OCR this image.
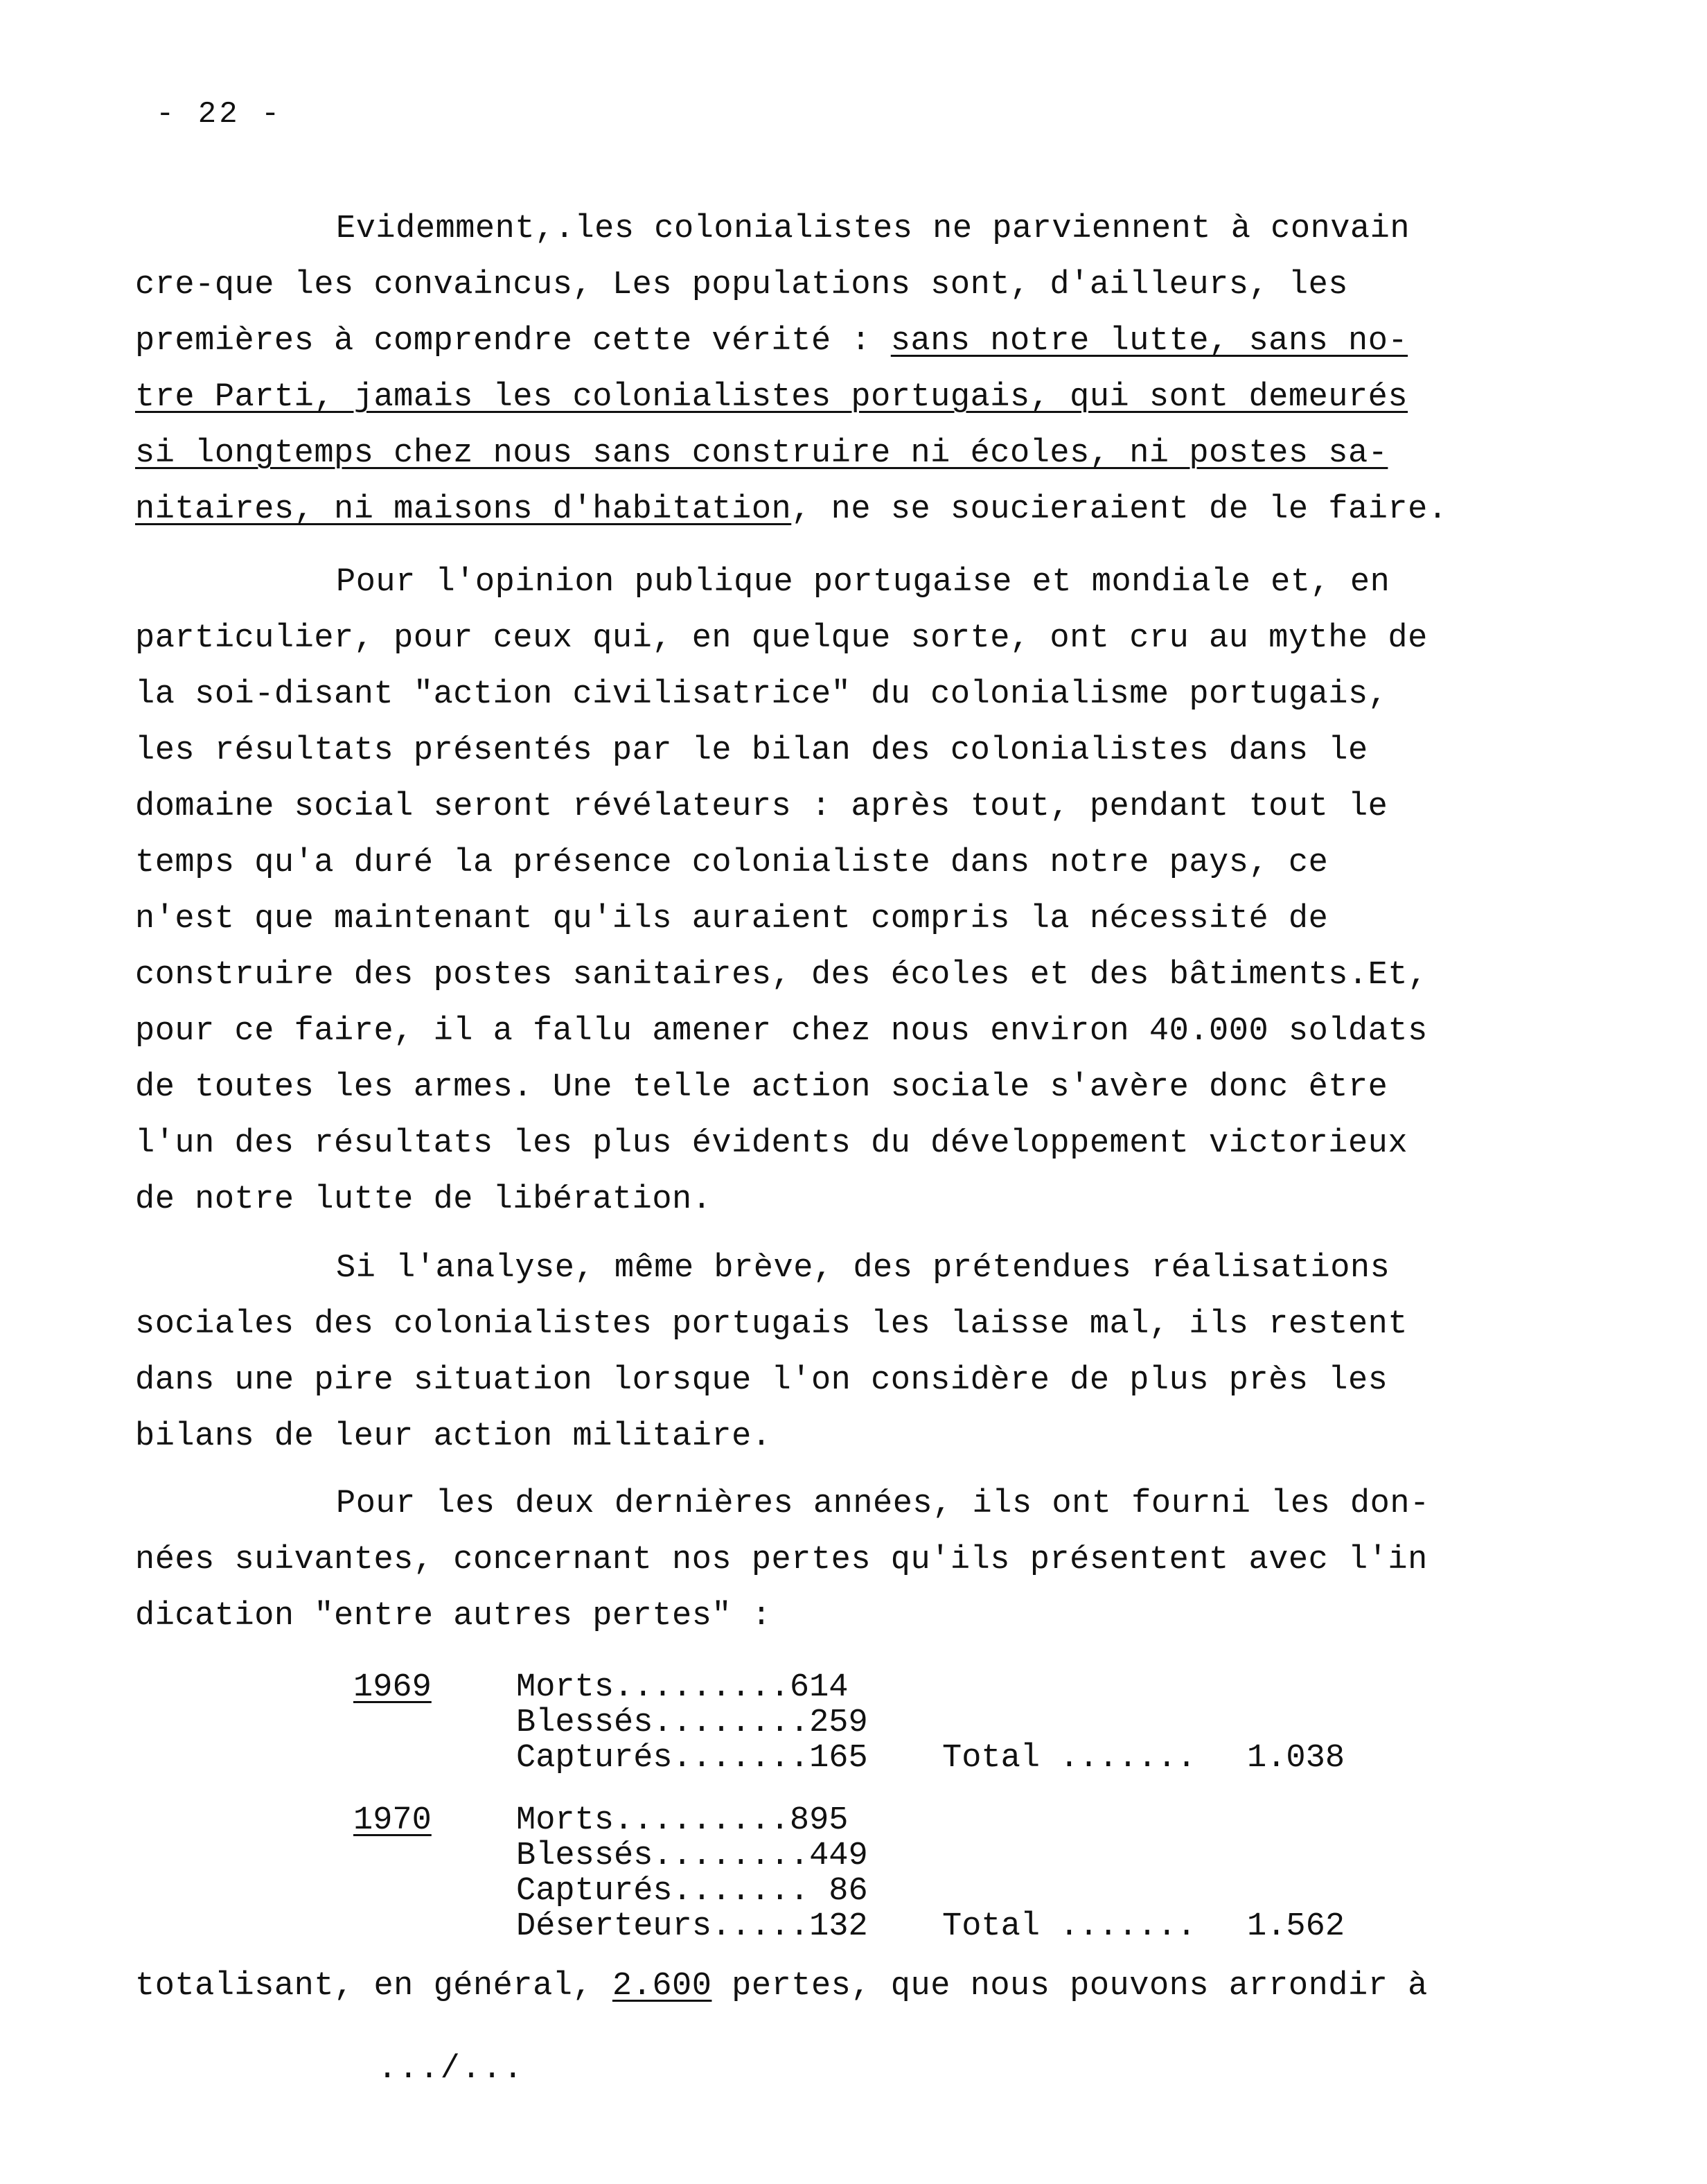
- 22 -
Evidemment,.les colonialistes ne parviennent à convain
cre-que les convaincus, Les populations sont, d'ailleurs, les
premières à comprendre cette vérité : sans notre lutte, sans no-
tre Parti, jamais les colonialistes portugais, qui sont demeurés
si longtemps chez nous sans construire ni écoles, ni postes sa-
nitaires, ni maisons d'habitation, ne se soucieraient de le faire.
Pour l'opinion publique portugaise et mondiale et, en
particulier, pour ceux qui, en quelque sorte, ont cru au mythe de
la soi-disant "action civilisatrice" du colonialisme portugais,
les résultats présentés par le bilan des colonialistes dans le
domaine social seront révélateurs : après tout, pendant tout le
temps qu'a duré la présence colonialiste dans notre pays, ce
n'est que maintenant qu'ils auraient compris la nécessité de
construire des postes sanitaires, des écoles et des bâtiments.Et,
pour ce faire, il a fallu amener chez nous environ 40.000 soldats
de toutes les armes. Une telle action sociale s'avère donc être
l'un des résultats les plus évidents du développement victorieux
de notre lutte de libération.
Si l'analyse, même brève, des prétendues réalisations
sociales des colonialistes portugais les laisse mal, ils restent
dans une pire situation lorsque l'on considère de plus près les
bilans de leur action militaire.
Pour les deux dernières années, ils ont fourni les don-
nées suivantes, concernant nos pertes qu'ils présentent avec l'in
dication "entre autres pertes" :
1969	Morts.........614
Blessés........259
Capturés.......165 Total ....... 1.038
1970	Morts.........895
Blessés........449
Capturés....... 86
Déserteurs.....132 Total ....... 1.562
totalisant, en général, 2.600 pertes, que nous pouvons arrondir à
.../...
